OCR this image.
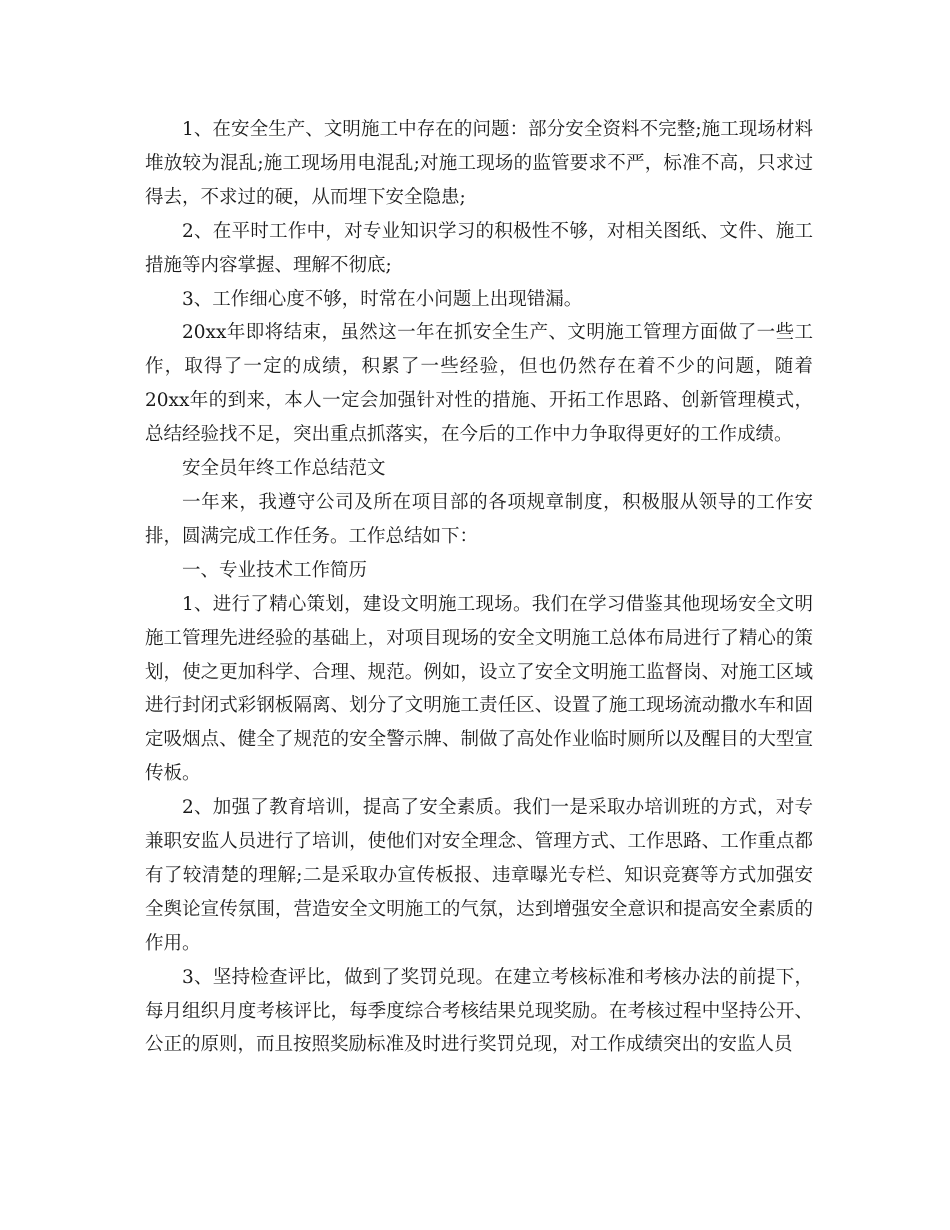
1、在安全生产、文明施工中存在的问题：部分安全资料不完整;施工现场材料堆放较为混乱;施工现场用电混乱;对施工现场的监管要求不严，标准不高，只求过得去，不求过的硬，从而埋下安全隐患;

2、在平时工作中，对专业知识学习的积极性不够，对相关图纸、文件、施工措施等内容掌握、理解不彻底;

3、工作细心度不够，时常在小问题上出现错漏。

20xx年即将结束，虽然这一年在抓安全生产、文明施工管理方面做了一些工作，取得了一定的成绩，积累了一些经验，但也仍然存在着不少的问题，随着20xx年的到来，本人一定会加强针对性的措施、开拓工作思路、创新管理模式，总结经验找不足，突出重点抓落实，在今后的工作中力争取得更好的工作成绩。

安全员年终工作总结范文

一年来，我遵守公司及所在项目部的各项规章制度，积极服从领导的工作安排，圆满完成工作任务。工作总结如下：

一、专业技术工作简历

1、进行了精心策划，建设文明施工现场。我们在学习借鉴其他现场安全文明施工管理先进经验的基础上，对项目现场的安全文明施工总体布局进行了精心的策划，使之更加科学、合理、规范。例如，设立了安全文明施工监督岗、对施工区域进行封闭式彩钢板隔离、划分了文明施工责任区、设置了施工现场流动撒水车和固定吸烟点、健全了规范的安全警示牌、制做了高处作业临时厕所以及醒目的大型宣传板。

2、加强了教育培训，提高了安全素质。我们一是采取办培训班的方式，对专兼职安监人员进行了培训，使他们对安全理念、管理方式、工作思路、工作重点都有了较清楚的理解;二是采取办宣传板报、违章曝光专栏、知识竞赛等方式加强安全舆论宣传氛围，营造安全文明施工的气氛，达到增强安全意识和提高安全素质的作用。

3、坚持检查评比，做到了奖罚兑现。在建立考核标准和考核办法的前提下，每月组织月度考核评比，每季度综合考核结果兑现奖励。在考核过程中坚持公开、公正的原则，而且按照奖励标准及时进行奖罚兑现，对工作成绩突出的安监人员
